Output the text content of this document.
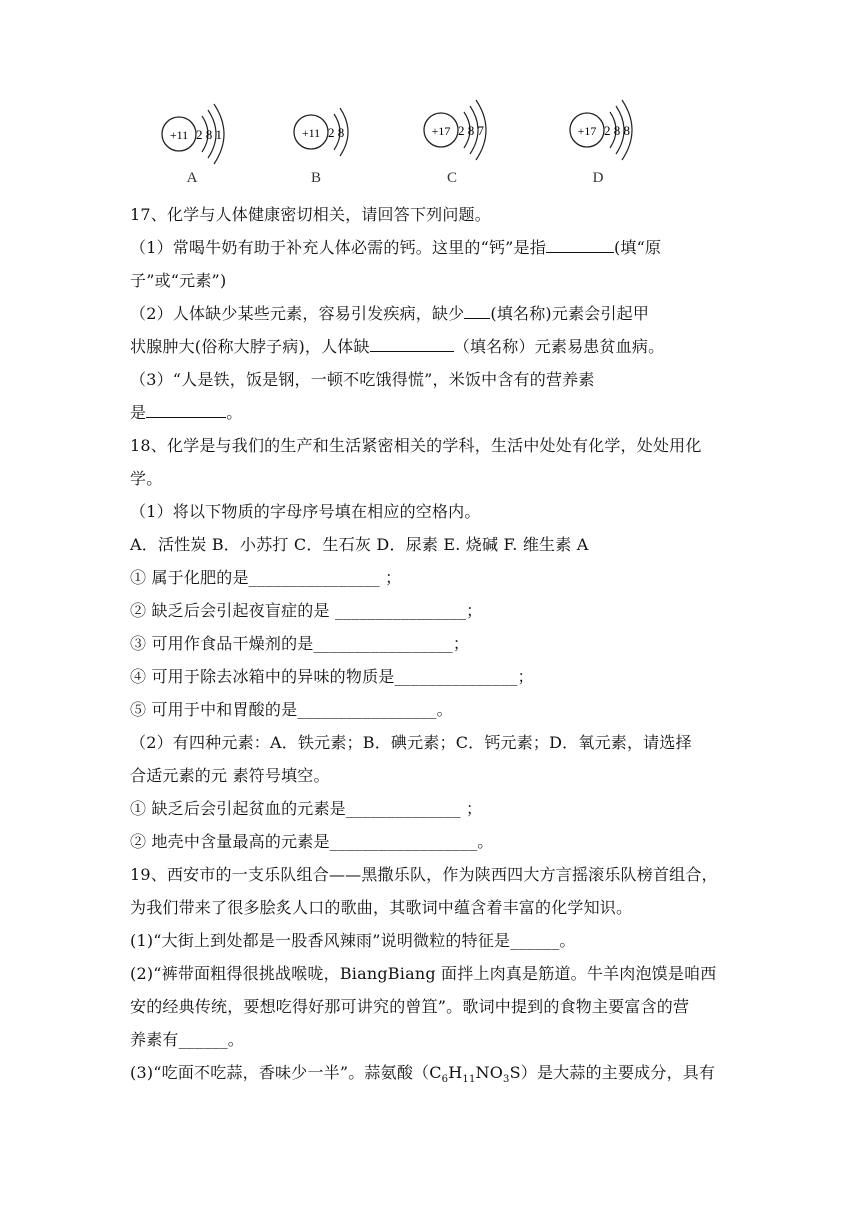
+11 2 8 1
A
+11 2 8
B
+17 2 8 7
C
+17 2 8 8
D
17、化学与人体健康密切相关，请回答下列问题。
（1）常喝牛奶有助于补充人体必需的钙。这里的“钙”是指	(填“原
子”或“元素”)
（2）人体缺少某些元素，容易引发疾病，缺少 (填名称)元素会引起甲
状腺肿大(俗称大脖子病)，人体缺	（填名称）元素易患贫血病。
（3）“人是铁，饭是钢，一顿不吃饿得慌”，米饭中含有的营养素
是	。
18、化学是与我们的生产和生活紧密相关的学科，生活中处处有化学，处处用化
学。
（1）将以下物质的字母序号填在相应的空格内。
A．活性炭 B．小苏打 C．生石灰 D．尿素 E. 烧碱 F. 维生素 A
① 属于化肥的是________________ ；
② 缺乏后会引起夜盲症的是 ________________；
③ 可用作食品干燥剂的是_________________；
④ 可用于除去冰箱中的异味的物质是_______________；
⑤ 可用于中和胃酸的是_________________。
（2）有四种元素：A．铁元素；B．碘元素；C．钙元素；D．氧元素，请选择
合适元素的元 素符号填空。
① 缺乏后会引起贫血的元素是______________ ；
② 地壳中含量最高的元素是__________________。
19、西安市的一支乐队组合——黑撒乐队，作为陕西四大方言摇滚乐队榜首组合，
为我们带来了很多脍炙人口的歌曲，其歌词中蕴含着丰富的化学知识。
(1)“大街上到处都是一股香风辣雨”说明微粒的特征是______。
(2)“裤带面粗得很挑战喉咙，BiangBiang 面拌上肉真是筋道。牛羊肉泡馍是咱西
安的经典传统，要想吃得好那可讲究的曾笡”。歌词中提到的食物主要富含的营
养素有______。
(3)“吃面不吃蒜，香味少一半”。蒜氨酸$(C_6H_{11}NO_3S)$是大蒜的主要成分，具有
